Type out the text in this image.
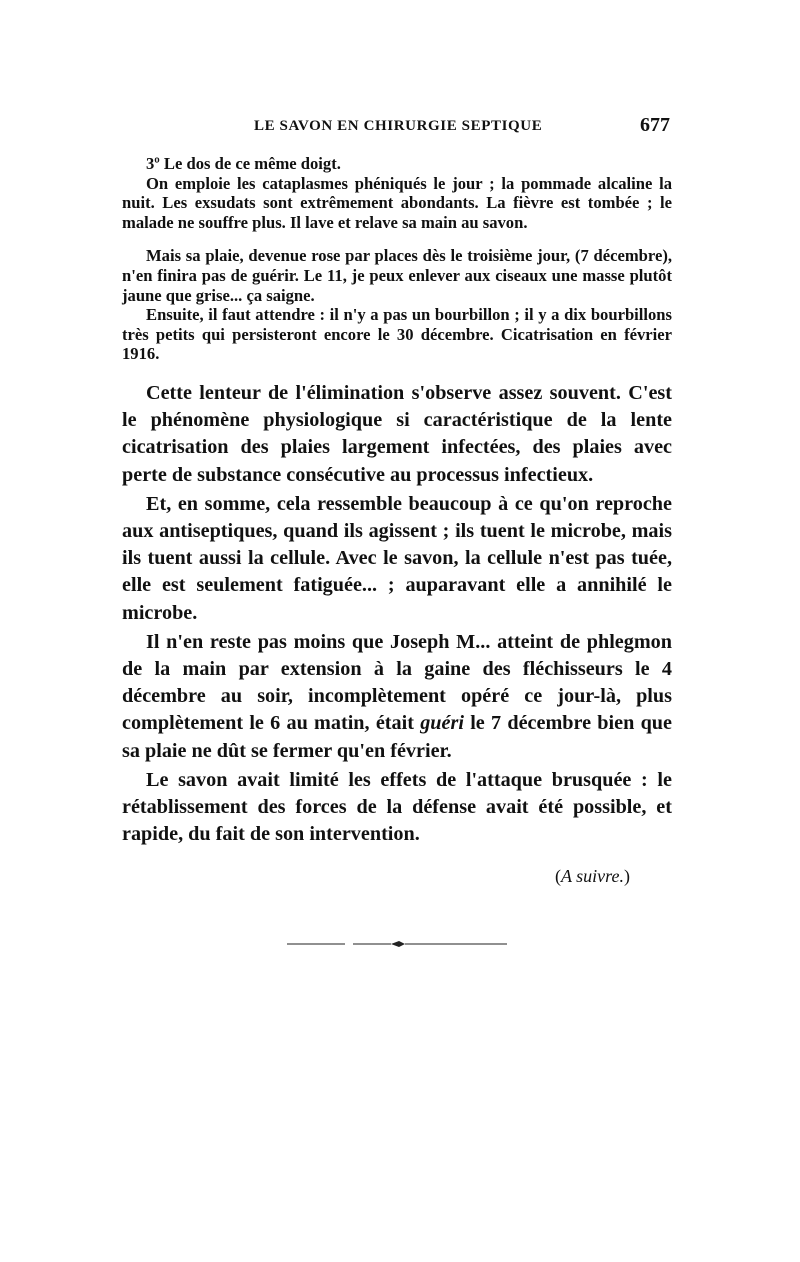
LE SAVON EN CHIRURGIE SEPTIQUE	677

3º Le dos de ce même doigt.

On emploie les cataplasmes phéniqués le jour ; la pommade alcaline la nuit. Les exsudats sont extrêmement abondants. La fièvre est tombée ; le malade ne souffre plus. Il lave et relave sa main au savon.

Mais sa plaie, devenue rose par places dès le troisième jour, (7 décembre), n'en finira pas de guérir. Le 11, je peux enlever aux ciseaux une masse plutôt jaune que grise... ça saigne.

Ensuite, il faut attendre : il n'y a pas un bourbillon ; il y a dix bourbillons très petits qui persisteront encore le 30 décembre. Cicatrisation en février 1916.

Cette lenteur de l'élimination s'observe assez souvent. C'est le phénomène physiologique si caractéristique de la lente cicatrisation des plaies largement infectées, des plaies avec perte de substance consécutive au processus infectieux.

Et, en somme, cela ressemble beaucoup à ce qu'on reproche aux antiseptiques, quand ils agissent ; ils tuent le microbe, mais ils tuent aussi la cellule. Avec le savon, la cellule n'est pas tuée, elle est seulement fatiguée... ; auparavant elle a annihilé le microbe.

Il n'en reste pas moins que Joseph M... atteint de phlegmon de la main par extension à la gaine des fléchisseurs le 4 décembre au soir, incomplètement opéré ce jour-là, plus complètement le 6 au matin, était guéri le 7 décembre bien que sa plaie ne dût se fermer qu'en février.

Le savon avait limité les effets de l'attaque brusquée : le rétablissement des forces de la défense avait été possible, et rapide, du fait de son intervention.

(A suivre.)
